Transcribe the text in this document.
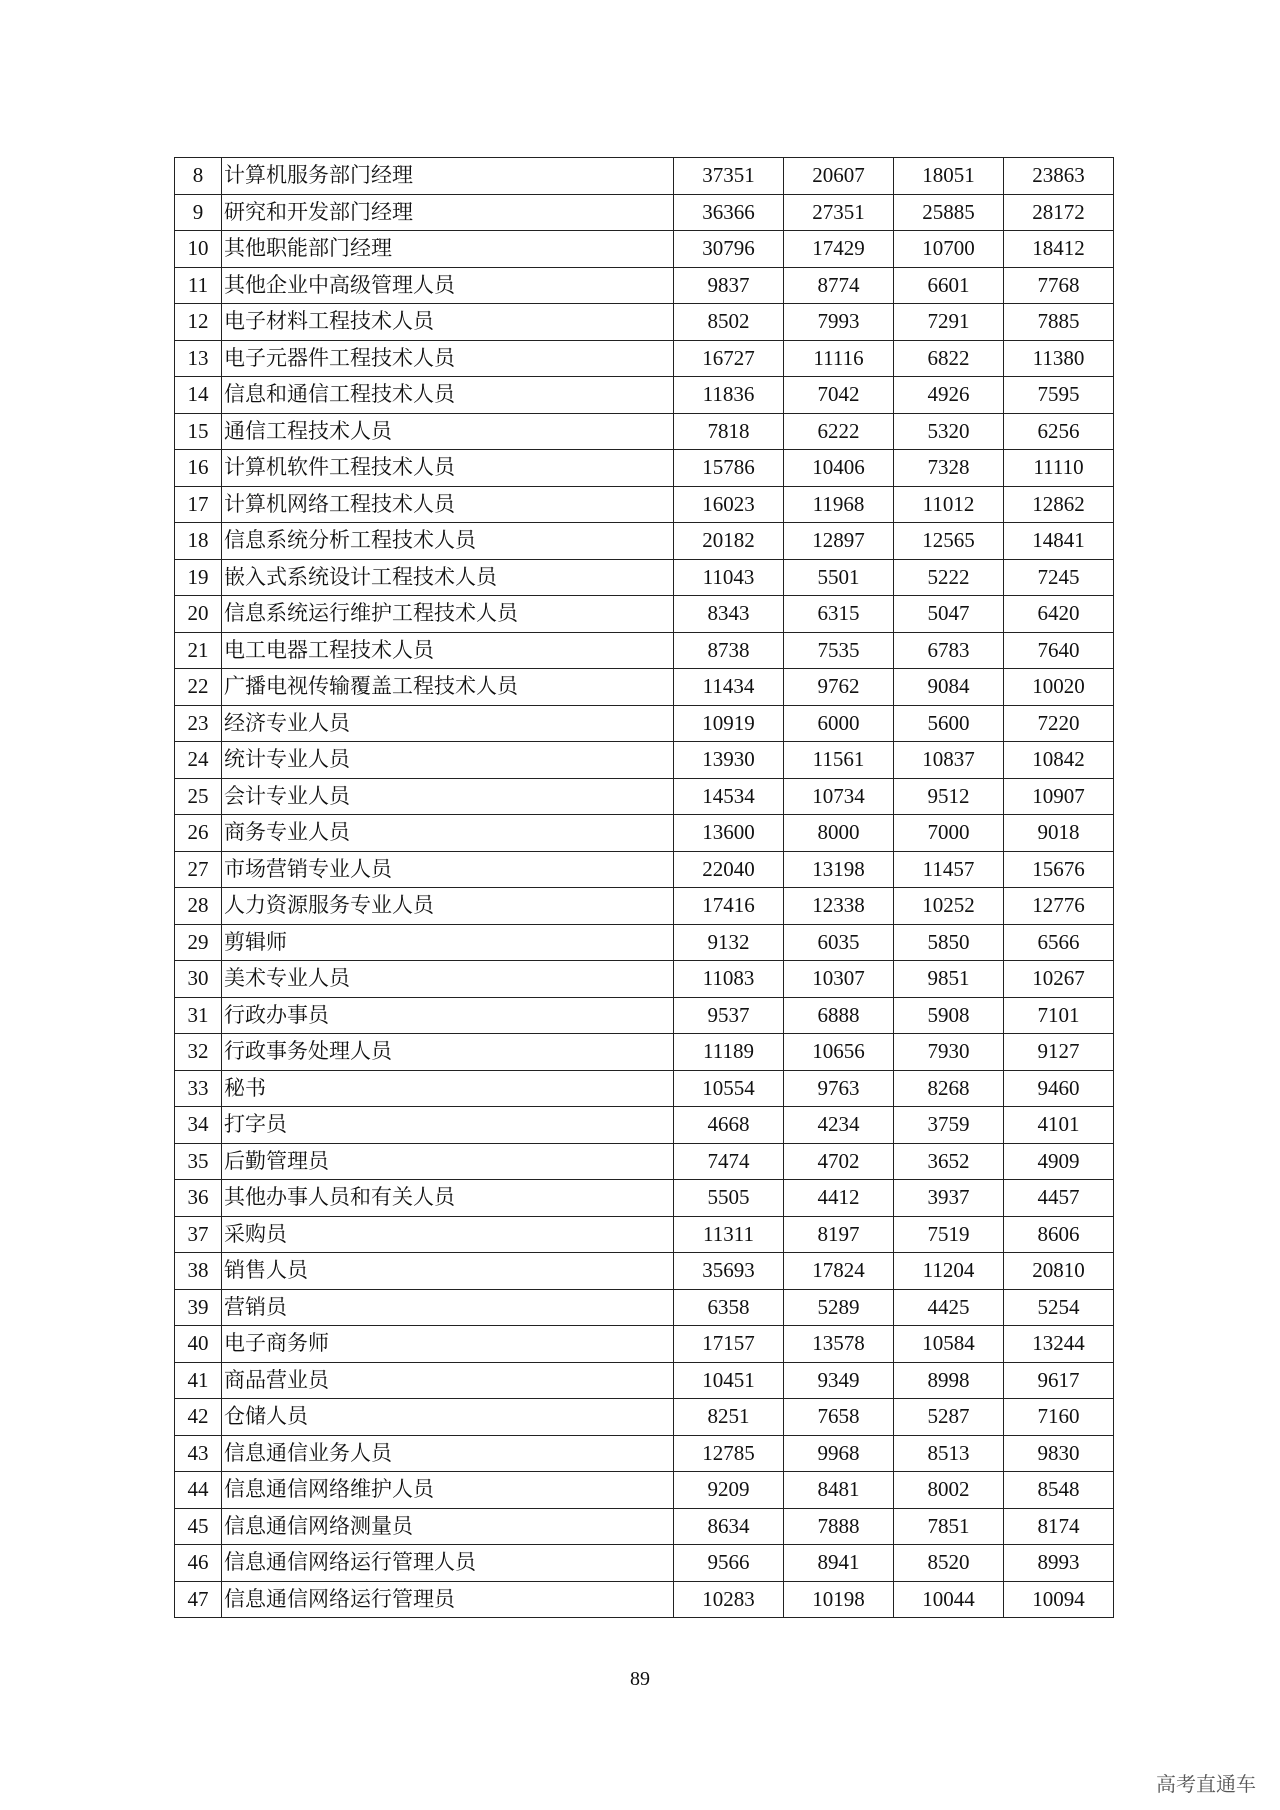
8	计算机服务部门经理	37351	20607	18051	23863
9	研究和开发部门经理	36366	27351	25885	28172
10	其他职能部门经理	30796	17429	10700	18412
11	其他企业中高级管理人员	9837	8774	6601	7768
12	电子材料工程技术人员	8502	7993	7291	7885
13	电子元器件工程技术人员	16727	11116	6822	11380
14	信息和通信工程技术人员	11836	7042	4926	7595
15	通信工程技术人员	7818	6222	5320	6256
16	计算机软件工程技术人员	15786	10406	7328	11110
17	计算机网络工程技术人员	16023	11968	11012	12862
18	信息系统分析工程技术人员	20182	12897	12565	14841
19	嵌入式系统设计工程技术人员	11043	5501	5222	7245
20	信息系统运行维护工程技术人员	8343	6315	5047	6420
21	电工电器工程技术人员	8738	7535	6783	7640
22	广播电视传输覆盖工程技术人员	11434	9762	9084	10020
23	经济专业人员	10919	6000	5600	7220
24	统计专业人员	13930	11561	10837	10842
25	会计专业人员	14534	10734	9512	10907
26	商务专业人员	13600	8000	7000	9018
27	市场营销专业人员	22040	13198	11457	15676
28	人力资源服务专业人员	17416	12338	10252	12776
29	剪辑师	9132	6035	5850	6566
30	美术专业人员	11083	10307	9851	10267
31	行政办事员	9537	6888	5908	7101
32	行政事务处理人员	11189	10656	7930	9127
33	秘书	10554	9763	8268	9460
34	打字员	4668	4234	3759	4101
35	后勤管理员	7474	4702	3652	4909
36	其他办事人员和有关人员	5505	4412	3937	4457
37	采购员	11311	8197	7519	8606
38	销售人员	35693	17824	11204	20810
39	营销员	6358	5289	4425	5254
40	电子商务师	17157	13578	10584	13244
41	商品营业员	10451	9349	8998	9617
42	仓储人员	8251	7658	5287	7160
43	信息通信业务人员	12785	9968	8513	9830
44	信息通信网络维护人员	9209	8481	8002	8548
45	信息通信网络测量员	8634	7888	7851	8174
46	信息通信网络运行管理人员	9566	8941	8520	8993
47	信息通信网络运行管理员	10283	10198	10044	10094
89
高考直通车
